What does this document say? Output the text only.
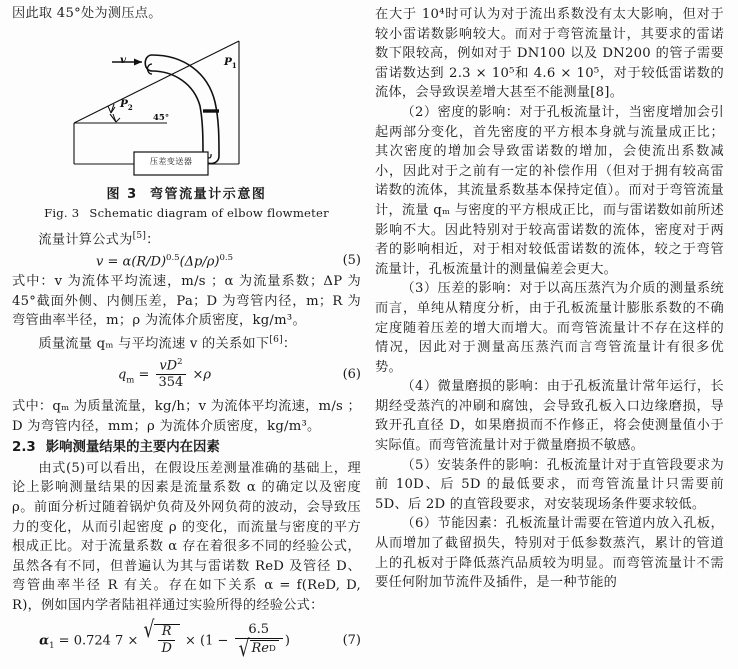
因此取 45°处为测压点。

v	$P_1$
$P_2$
45°
压差变送器
图 3 弯管流量计示意图
Fig. 3 Schematic diagram of elbow flowmeter

流量计算公式为[5]：

$v = \alpha(R/D)^{0.5}(\Delta p/\rho)^{0.5}$	(5)

式中：v 为流体平均流速，m/s ；α 为流量系数；ΔP 为 45°截面外侧、内侧压差，Pa；D 为弯管内径，m；R 为弯管曲率半径，m；ρ 为流体介质密度，kg/m³。

质量流量 qₘ 与平均流速 v 的关系如下[6]：

$q_m = \frac{vD^2}{354} \times\rho$	(6)

式中：qₘ 为质量流量，kg/h；v 为流体平均流速，m/s ；D 为弯管内径，mm；ρ 为流体介质密度，kg/m³。

2.3 影响测量结果的主要内在因素

由式(5)可以看出，在假设压差测量准确的基础上，理论上影响测量结果的因素是流量系数 α 的确定以及密度 ρ。前面分析过随着锅炉负荷及外网负荷的波动，会导致压力的变化，从而引起密度 ρ 的变化，而流量与密度的平方根成正比。对于流量系数 α 存在着很多不同的经验公式，虽然各有不同，但普遍认为其与雷诺数 ReD 及管径 D、弯管曲率半径 R 有关。存在如下关系 α = f(ReD, D, R)，例如国内学者陆祖祥通过实验所得的经验公式：

$\alpha_1 = 0.724$ 7 × √ $\frac{R}{D} \times (1 - \frac{6.5}{\text{√ Re D}}$ )	(7)

在大于 10⁴时可认为对于流出系数没有太大影响，但对于较小雷诺数影响较大。而对于弯管流量计，其要求的雷诺数下限较高，例如对于 DN100 以及 DN200 的管子需要雷诺数达到 2.3 × 10⁵和 4.6 × 10⁵，对于较低雷诺数的流体，会导致误差增大甚至不能测量[8]。

（2）密度的影响：对于孔板流量计，当密度增加会引起两部分变化，首先密度的平方根本身就与流量成正比；其次密度的增加会导致雷诺数的增加，会使流出系数减小，因此对于之前有一定的补偿作用（但对于拥有较高雷诺数的流体，其流量系数基本保持定值）。而对于弯管流量计，流量 qₘ 与密度的平方根成正比，而与雷诺数如前所述影响不大。因此特别对于较高雷诺数的流体，密度对于两者的影响相近，对于相对较低雷诺数的流体，较之于弯管流量计，孔板流量计的测量偏差会更大。

（3）压差的影响：对于以高压蒸汽为介质的测量系统而言，单纯从精度分析，由于孔板流量计膨胀系数的不确定度随着压差的增大而增大。而弯管流量计不存在这样的情况，因此对于测量高压蒸汽而言弯管流量计有很多优势。

（4）微量磨损的影响：由于孔板流量计常年运行，长期经受蒸汽的冲刷和腐蚀，会导致孔板入口边缘磨损，导致开孔直径 D，如果磨损而不作修正，将会使测量值小于实际值。而弯管流量计对于微量磨损不敏感。

（5）安装条件的影响：孔板流量计对于直管段要求为前 10D、后 5D 的最低要求，而弯管流量计只需要前 5D、后 2D 的直管段要求，对安装现场条件要求较低。

（6）节能因素：孔板流量计需要在管道内放入孔板，从而增加了截留损失，特别对于低参数蒸汽，累计的管道上的孔板对于降低蒸汽品质较为明显。而弯管流量计不需要任何附加节流件及插件，是一种节能的
